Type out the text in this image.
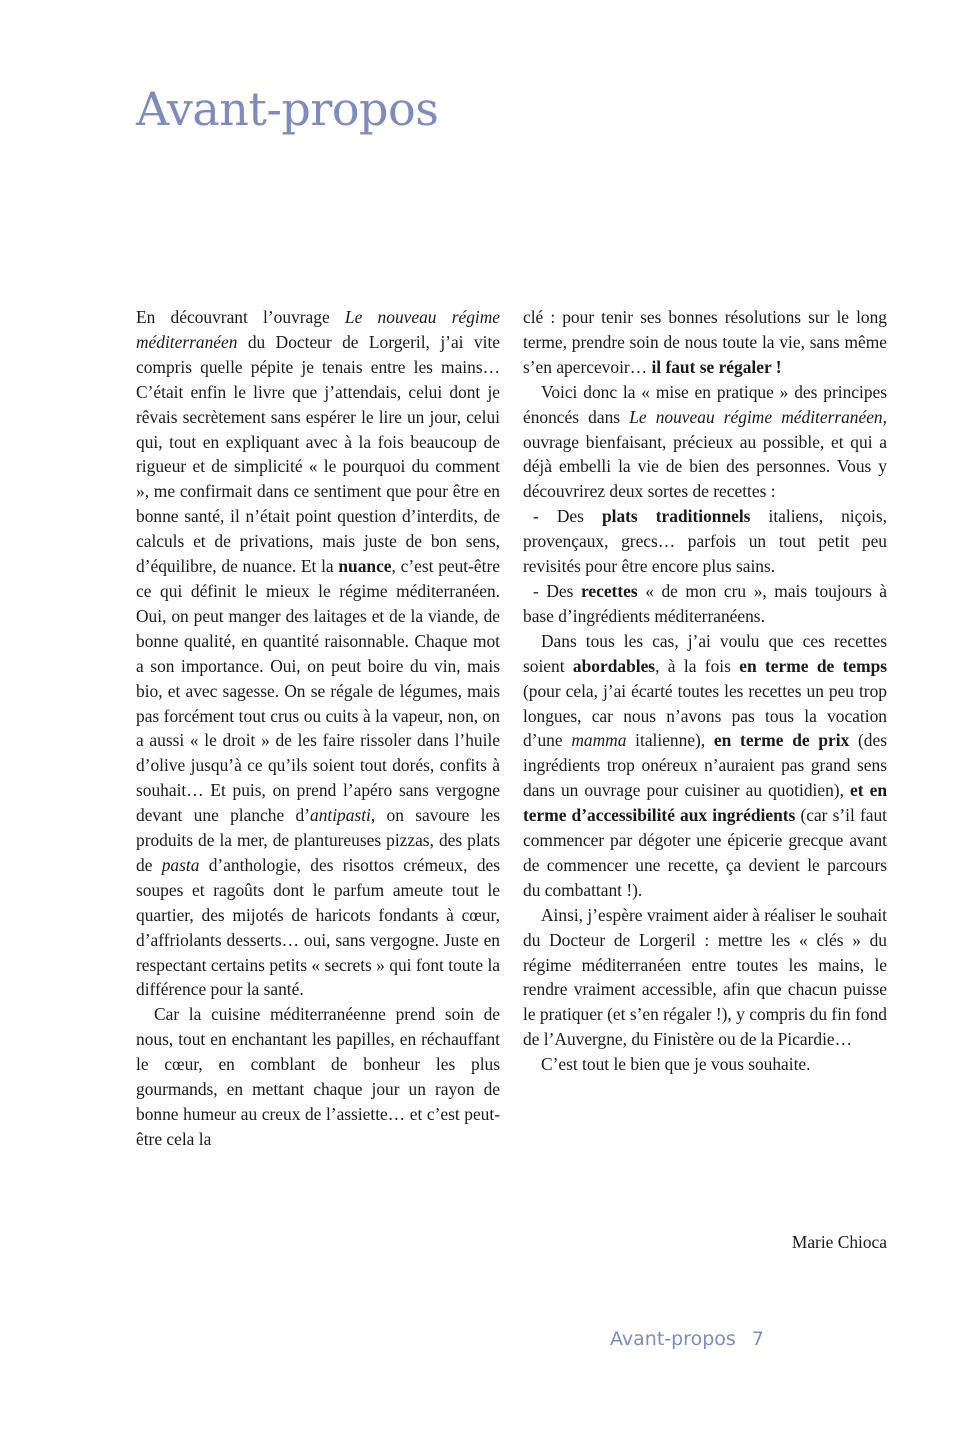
Avant-propos

En découvrant l’ouvrage Le nouveau régime méditerranéen du Docteur de Lorgeril, j’ai vite compris quelle pépite je tenais entre les mains… C’était enfin le livre que j’attendais, celui dont je rêvais secrètement sans espérer le lire un jour, celui qui, tout en expliquant avec à la fois beaucoup de rigueur et de simplicité « le pourquoi du comment », me confirmait dans ce sentiment que pour être en bonne santé, il n’était point question d’interdits, de calculs et de privations, mais juste de bon sens, d’équilibre, de nuance. Et la nuance, c’est peut-être ce qui définit le mieux le régime méditerranéen. Oui, on peut manger des laitages et de la viande, de bonne qualité, en quantité raisonnable. Chaque mot a son importance. Oui, on peut boire du vin, mais bio, et avec sagesse. On se régale de légumes, mais pas forcément tout crus ou cuits à la vapeur, non, on a aussi « le droit » de les faire rissoler dans l’huile d’olive jusqu’à ce qu’ils soient tout dorés, confits à souhait… Et puis, on prend l’apéro sans vergogne devant une planche d’antipasti, on savoure les produits de la mer, de plantureuses pizzas, des plats de pasta d’anthologie, des risottos crémeux, des soupes et ragoûts dont le parfum ameute tout le quartier, des mijotés de haricots fondants à cœur, d’affriolants desserts… oui, sans vergogne. Juste en respectant certains petits « secrets » qui font toute la différence pour la santé.

Car la cuisine méditerranéenne prend soin de nous, tout en enchantant les papilles, en réchauffant le cœur, en comblant de bonheur les plus gourmands, en mettant chaque jour un rayon de bonne humeur au creux de l’assiette… et c’est peut-être cela la

clé : pour tenir ses bonnes résolutions sur le long terme, prendre soin de nous toute la vie, sans même s’en apercevoir… il faut se régaler !

Voici donc la « mise en pratique » des principes énoncés dans Le nouveau régime méditerranéen, ouvrage bienfaisant, précieux au possible, et qui a déjà embelli la vie de bien des personnes. Vous y découvrirez deux sortes de recettes :

- Des plats traditionnels italiens, niçois, provençaux, grecs… parfois un tout petit peu revisités pour être encore plus sains.

- Des recettes « de mon cru », mais toujours à base d’ingrédients méditerranéens.

Dans tous les cas, j’ai voulu que ces recettes soient abordables, à la fois en terme de temps (pour cela, j’ai écarté toutes les recettes un peu trop longues, car nous n’avons pas tous la vocation d’une mamma italienne), en terme de prix (des ingrédients trop onéreux n’auraient pas grand sens dans un ouvrage pour cuisiner au quotidien), et en terme d’accessibilité aux ingrédients (car s’il faut commencer par dégoter une épicerie grecque avant de commencer une recette, ça devient le parcours du combattant !).

Ainsi, j’espère vraiment aider à réaliser le souhait du Docteur de Lorgeril : mettre les « clés » du régime méditerranéen entre toutes les mains, le rendre vraiment accessible, afin que chacun puisse le pratiquer (et s’en régaler !), y compris du fin fond de l’Auvergne, du Finistère ou de la Picardie…

C’est tout le bien que je vous souhaite.

Marie Chioca
Avant-propos 7
